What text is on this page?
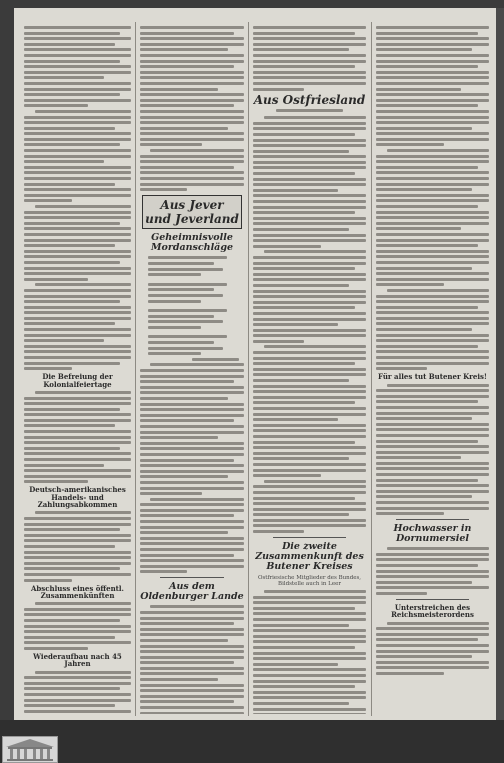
Die Befreiung der Kolonialfeiertage
Deutsch-amerikanisches Handels- und Zahlungsabkommen
Abschluss eines öffentl. Zusammenkünften
Wiederaufbau nach 45 Jahren
Aus Jever
und Jeverland
Geheimnisvolle Mordanschläge
Aus dem Oldenburger Lande
Aus Ostfriesland
Die zweite Zusammenkunft des Butener Kreises
Ostfriesische Mitglieder des Bundes, Bildstelle auch in Leer
Für alles tut Butener Kreis!
Hochwasser in Dornumersiel
Unterstreichen des Reichsmeisterordens
